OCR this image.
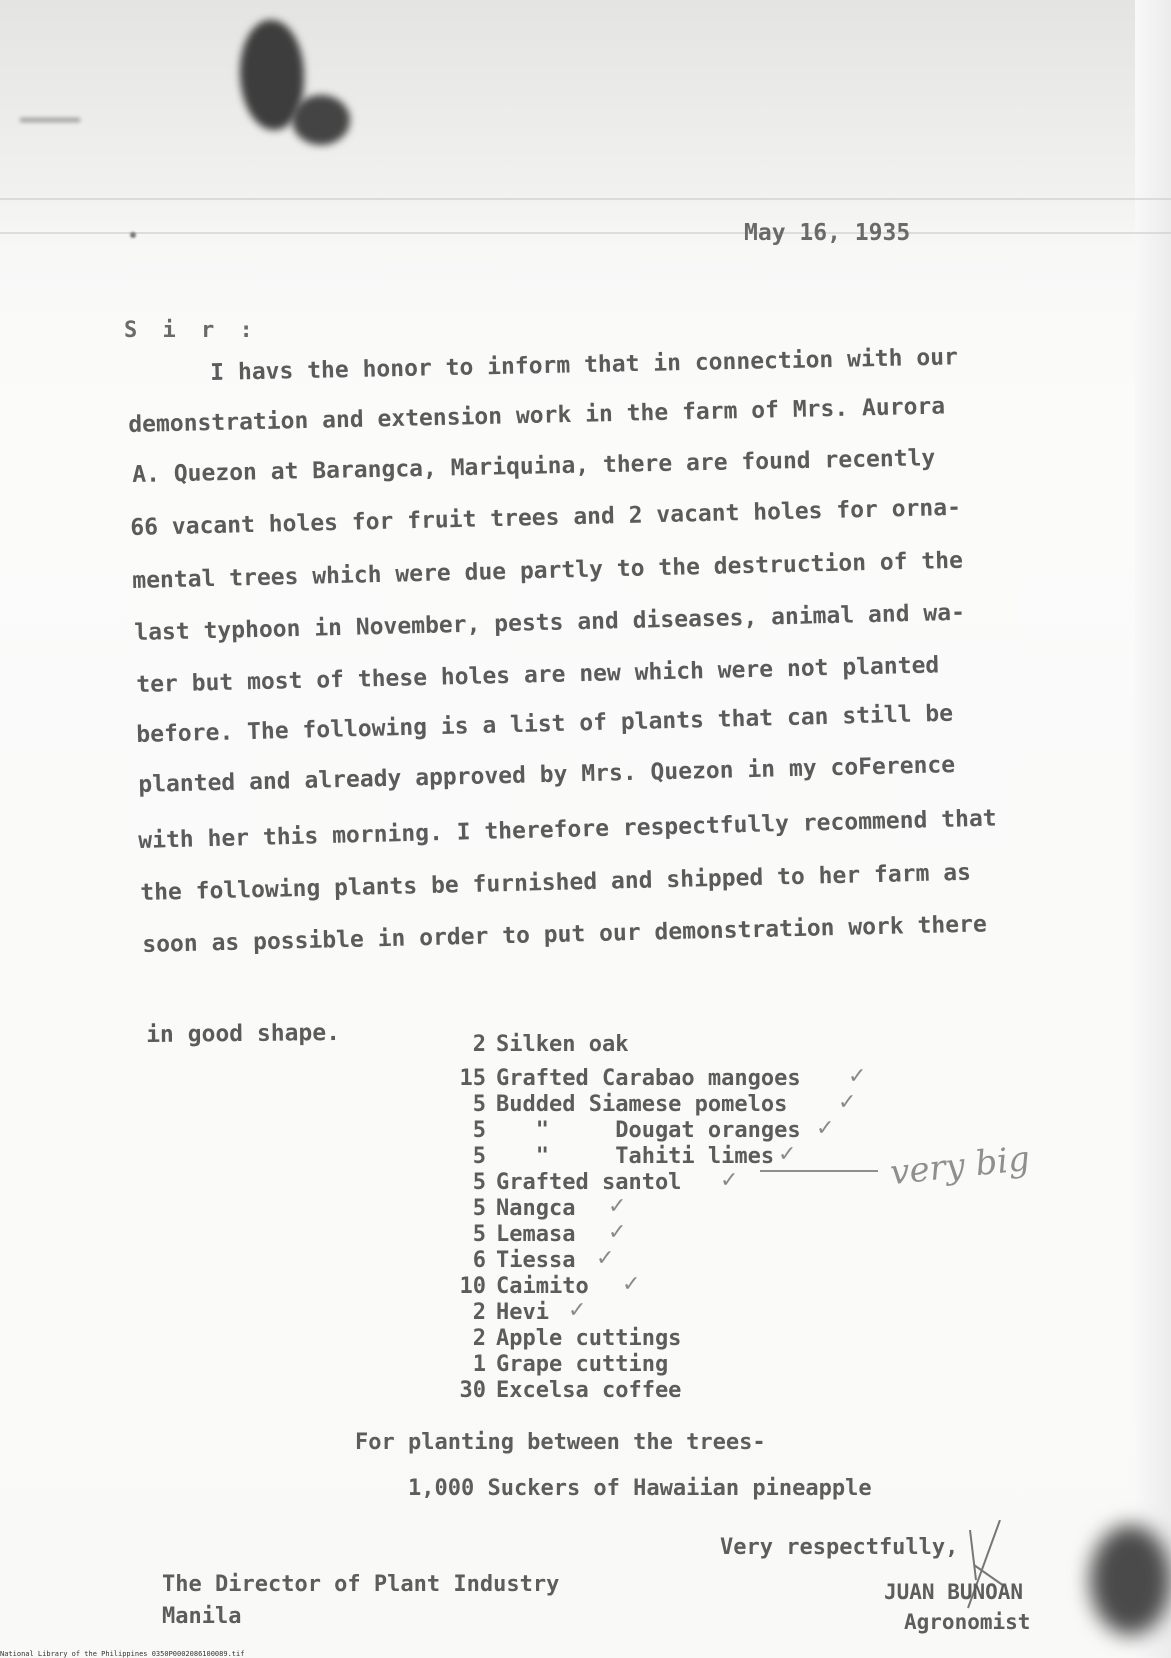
May 16, 1935
S i r :
I havs the honor to inform that in connection with our
demonstration and extension work in the farm of Mrs. Aurora
A. Quezon at Barangca, Mariquina, there are found recently
66 vacant holes for fruit trees and 2 vacant holes for orna-
mental trees which were due partly to the destruction of the
last typhoon in November, pests and diseases, animal and wa-
ter but most of these holes are new which were not planted
before. The following is a list of plants that can still be
planted and already approved by Mrs. Quezon in my coFerence
with her this morning. I therefore respectfully recommend that
the following plants be furnished and shipped to her farm as
soon as possible in order to put our demonstration work there
in good shape.	2 Silken oak
15 Grafted Carabao mangoes ✓
5 Budded Siamese pomelos ✓
5   "     Dougat oranges ✓
5   "     Tahiti limes ✓
5 Grafted santol ✓
5 Nangca ✓
5 Lemasa ✓
6 Tiessa ✓
10 Caimito ✓
2 Hevi ✓
2 Apple cuttings
1 Grape cutting
30 Excelsa coffee
very big
For planting between the trees-
1,000 Suckers of Hawaiian pineapple
Very respectfully,
The Director of Plant Industry
Manila
JUAN BUNOAN
Agronomist
National Library of the Philippines 0350P0002086100089.tif
